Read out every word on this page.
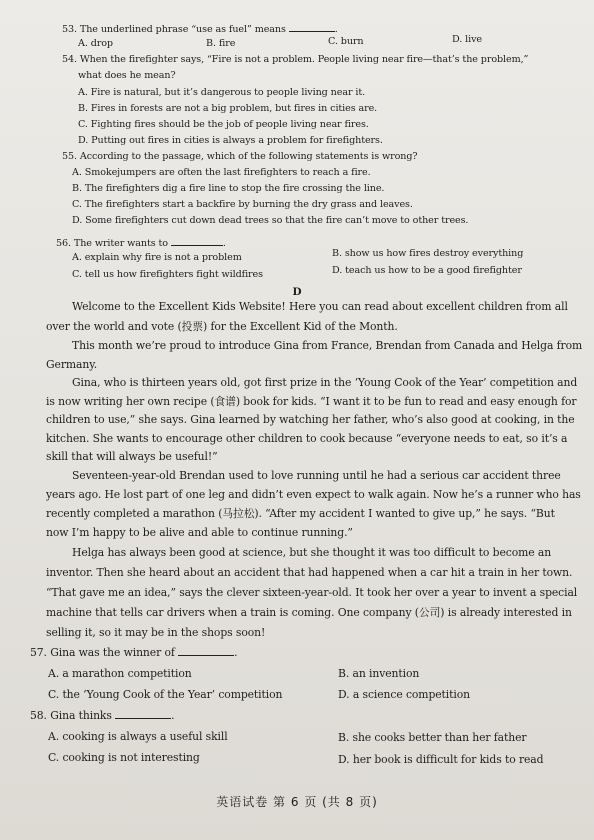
53. The underlined phrase “use as fuel” means	.
A. drop	B. fire	C. burn	D. live
54. When the firefighter says, “Fire is not a problem. People living near fire—that’s the problem,”
what does he mean?
A. Fire is natural, but it’s dangerous to people living near it.
B. Fires in forests are not a big problem, but fires in cities are.
C. Fighting fires should be the job of people living near fires.
D. Putting out fires in cities is always a problem for firefighters.
55. According to the passage, which of the following statements is wrong?
A. Smokejumpers are often the last firefighters to reach a fire.
B. The firefighters dig a fire line to stop the fire crossing the line.
C. The firefighters start a backfire by burning the dry grass and leaves.
D. Some firefighters cut down dead trees so that the fire can’t move to other trees.
56. The writer wants to	.
A. explain why fire is not a problem	B. show us how fires destroy everything
C. tell us how firefighters fight wildfires	D. teach us how to be a good firefighter
D
Welcome to the Excellent Kids Website! Here you can read about excellent children from all
over the world and vote (投票) for the Excellent Kid of the Month.
This month we’re proud to introduce Gina from France, Brendan from Canada and Helga from
Germany.
Gina, who is thirteen years old, got first prize in the ‘Young Cook of the Year’ competition and
is now writing her own recipe (食谱) book for kids. “I want it to be fun to read and easy enough for
children to use,” she says. Gina learned by watching her father, who’s also good at cooking, in the
kitchen. She wants to encourage other children to cook because “everyone needs to eat, so it’s a
skill that will always be useful!”
Seventeen-year-old Brendan used to love running until he had a serious car accident three
years ago. He lost part of one leg and didn’t even expect to walk again. Now he’s a runner who has
recently completed a marathon (马拉松). “After my accident I wanted to give up,” he says. “But
now I’m happy to be alive and able to continue running.”
Helga has always been good at science, but she thought it was too difficult to become an
inventor. Then she heard about an accident that had happened when a car hit a train in her town.
“That gave me an idea,” says the clever sixteen-year-old. It took her over a year to invent a special
machine that tells car drivers when a train is coming. One company (公司) is already interested in
selling it, so it may be in the shops soon!
57. Gina was the winner of	.
A. a marathon competition	B. an invention
C. the ‘Young Cook of the Year’ competition	D. a science competition
58. Gina thinks	.
A. cooking is always a useful skill	B. she cooks better than her father
C. cooking is not interesting	D. her book is difficult for kids to read
英语试卷 第 6 页 (共 8 页)
